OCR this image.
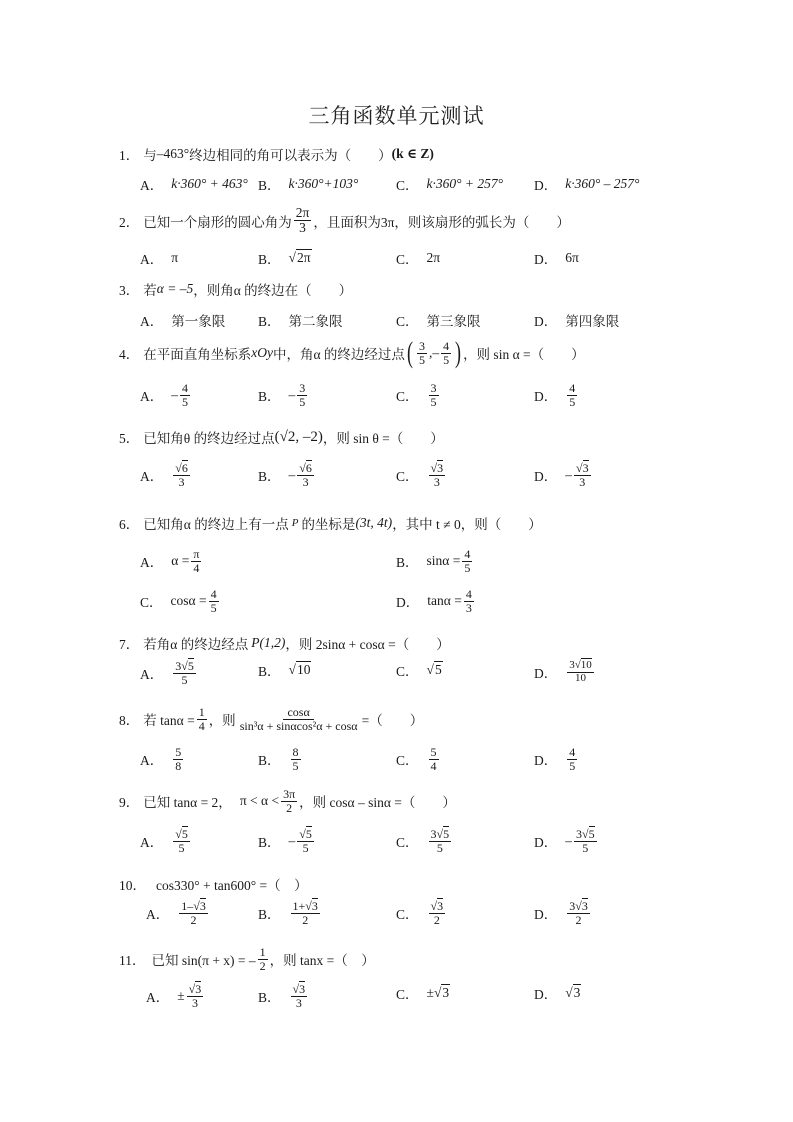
三角函数单元测试
1． 与 –463° 终边相同的角可以表示为（　　） (k ∈ Z)
A． k·360° + 463° B． k·360°+103°	C． k·360° + 257° D． k·360° – 257°
2． 已知一个扇形的圆心角为 $\frac{2\pi}{3}$ ，且面积为3π，则该扇形的弧长为（　　）
A． π	B． √2π	C． 2π	D． 6π
3． 若 α = –5 ，则角α 的终边在（　　）
A． 第一象限 B． 第二象限	C． 第三象限	D． 第四象限
4． 在平面直角坐标系 xOy 中，角α 的终边经过点 ( $\frac{3}{5}$ , – $\frac{4}{5}$ ) ，则 sin α =（　　）
A． – $\frac{4}{5}$	B． – $\frac{3}{5}$	C． $\frac{3}{5}$	D． $\frac{4}{5}$
5． 已知角θ 的终边经过点 (√2, –2) ，则 sin θ =（　　）
A． $\frac{√6}{3}$	B． – $\frac{√6}{3}$	C． $\frac{√3}{3}$	D． – $\frac{√3}{3}$
6． 已知角α 的终边上有一点 P 的坐标是 (3t, 4t) ，其中 t ≠ 0，则（　　）
A． $\alpha = \frac{\pi}{4}$	B． $\sin\alpha = \frac{4}{5}$
C． $\cos\alpha = \frac{4}{5}$	D． $\tan\alpha = \frac{4}{3}$
7． 若角α 的终边经点 P(1,2) ，则 2sinα + cosα =（　　）
A． $\frac{3√5}{5}$	B． √10	C． √5	D． $\frac{3√10}{10}$
8． 若 $\tan\alpha = \frac{1}{4}$ ，则 $\frac{\cos\alpha}{\text{sin³α + sinαcos²α + cosα}}$ =（　　）
A． $\frac{5}{8}$	B． $\frac{8}{5}$	C． $\frac{5}{4}$	D． $\frac{4}{5}$
9． 已知 tanα = 2， $\pi < \alpha < \frac{3\pi}{2}$ ，则 cosα – sinα =（　　）
A． $\frac{√5}{5}$	B． – $\frac{√5}{5}$	C． $\frac{3√5}{5}$	D． – $\frac{3√5}{5}$
10． cos330° + tan600° =（　）
A． $\frac{1-√3}{2}$	B． $\frac{1+√3}{2}$	C． $\frac{√3}{2}$	D． $\frac{3√3}{2}$
11． 已知 sin(π + x) = – $\frac{1}{2}$ ，则 tanx =（　）
A． ± $\frac{√3}{3}$	B． $\frac{√3}{3}$	C． ± √3	D． √3
